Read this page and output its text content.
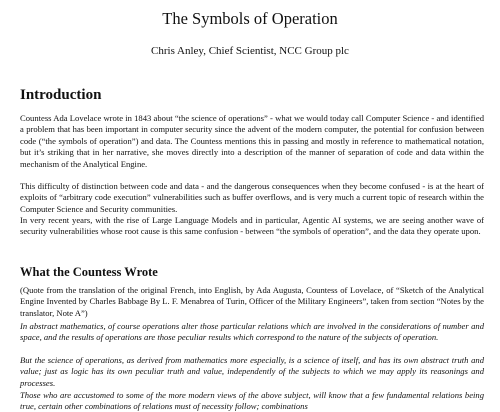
The Symbols of Operation
Chris Anley, Chief Scientist, NCC Group plc
Introduction

Countess Ada Lovelace wrote in 1843 about “the science of operations” - what we would today call Computer Science - and identified a problem that has been important in computer security since the advent of the modern computer, the potential for confusion between code (“the symbols of operation”) and data. The Countess mentions this in passing and mostly in reference to mathematical notation, but it’s striking that in her narrative, she moves directly into a description of the manner of separation of code and data within the mechanism of the Analytical Engine.

This difficulty of distinction between code and data - and the dangerous consequences when they become confused - is at the heart of exploits of “arbitrary code execution” vulnerabilities such as buffer overflows, and is very much a current topic of research within the Computer Science and Security communities.

In very recent years, with the rise of Large Language Models and in particular, Agentic AI systems, we are seeing another wave of security vulnerabilities whose root cause is this same confusion - between “the symbols of operation”, and the data they operate upon.

What the Countess Wrote

(Quote from the translation of the original French, into English, by Ada Augusta, Countess of Lovelace, of “Sketch of the Analytical Engine Invented by Charles Babbage By L. F. Menabrea of Turin, Officer of the Military Engineers”, taken from section “Notes by the translator, Note A”)

In abstract mathematics, of course operations alter those particular relations which are involved in the considerations of number and space, and the results of operations are those peculiar results which correspond to the nature of the subjects of operation.

But the science of operations, as derived from mathematics more especially, is a science of itself, and has its own abstract truth and value; just as logic has its own peculiar truth and value, independently of the subjects to which we may apply its reasonings and processes.

Those who are accustomed to some of the more modern views of the above subject, will know that a few fundamental relations being true, certain other combinations of relations must of necessity follow; combinations
